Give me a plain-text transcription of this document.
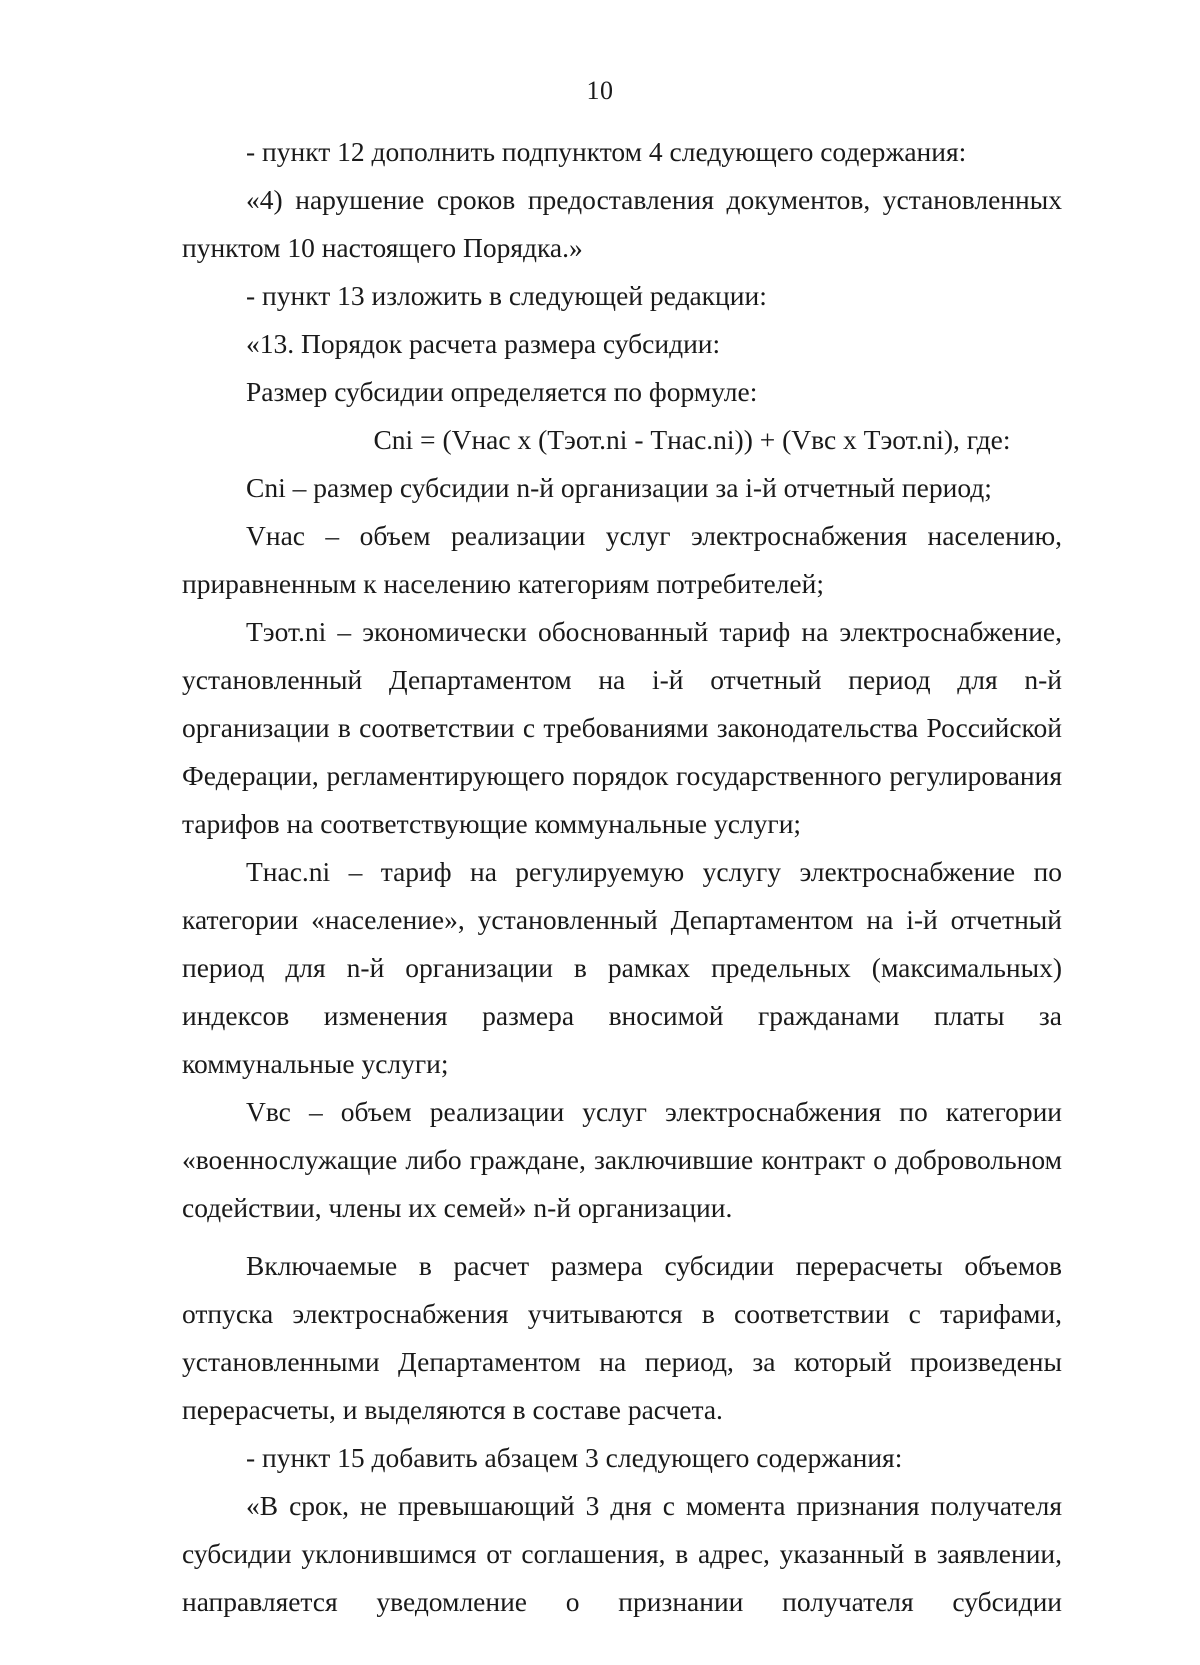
10

- пункт 12 дополнить подпунктом 4 следующего содержания:

«4) нарушение сроков предоставления документов, установленных пунктом 10 настоящего Порядка.»

- пункт 13 изложить в следующей редакции:

«13. Порядок расчета размера субсидии:

Размер субсидии определяется по формуле:

Cni = (Vнас x (Тэот.ni - Тнас.ni)) + (Vвс x Тэот.ni), где:

Cni – размер субсидии n-й организации за i-й отчетный период;

Vнас – объем реализации услуг электроснабжения населению, приравненным к населению категориям потребителей;

Тэот.ni – экономически обоснованный тариф на электроснабжение, установленный Департаментом на i-й отчетный период для n-й организации в соответствии с требованиями законодательства Российской Федерации, регламентирующего порядок государственного регулирования тарифов на соответствующие коммунальные услуги;

Тнас.ni – тариф на регулируемую услугу электроснабжение по категории «население», установленный Департаментом на i-й отчетный период для n-й организации в рамках предельных (максимальных) индексов изменения размера вносимой гражданами платы за коммунальные услуги;

Vвс – объем реализации услуг электроснабжения по категории «военнослужащие либо граждане, заключившие контракт о добровольном содействии, члены их семей» n-й организации.

Включаемые в расчет размера субсидии перерасчеты объемов отпуска электроснабжения учитываются в соответствии с тарифами, установленными Департаментом на период, за который произведены перерасчеты, и выделяются в составе расчета.

- пункт 15 добавить абзацем 3 следующего содержания:

«В срок, не превышающий 3 дня с момента признания получателя субсидии уклонившимся от соглашения, в адрес, указанный в заявлении, направляется уведомление о признании получателя субсидии
